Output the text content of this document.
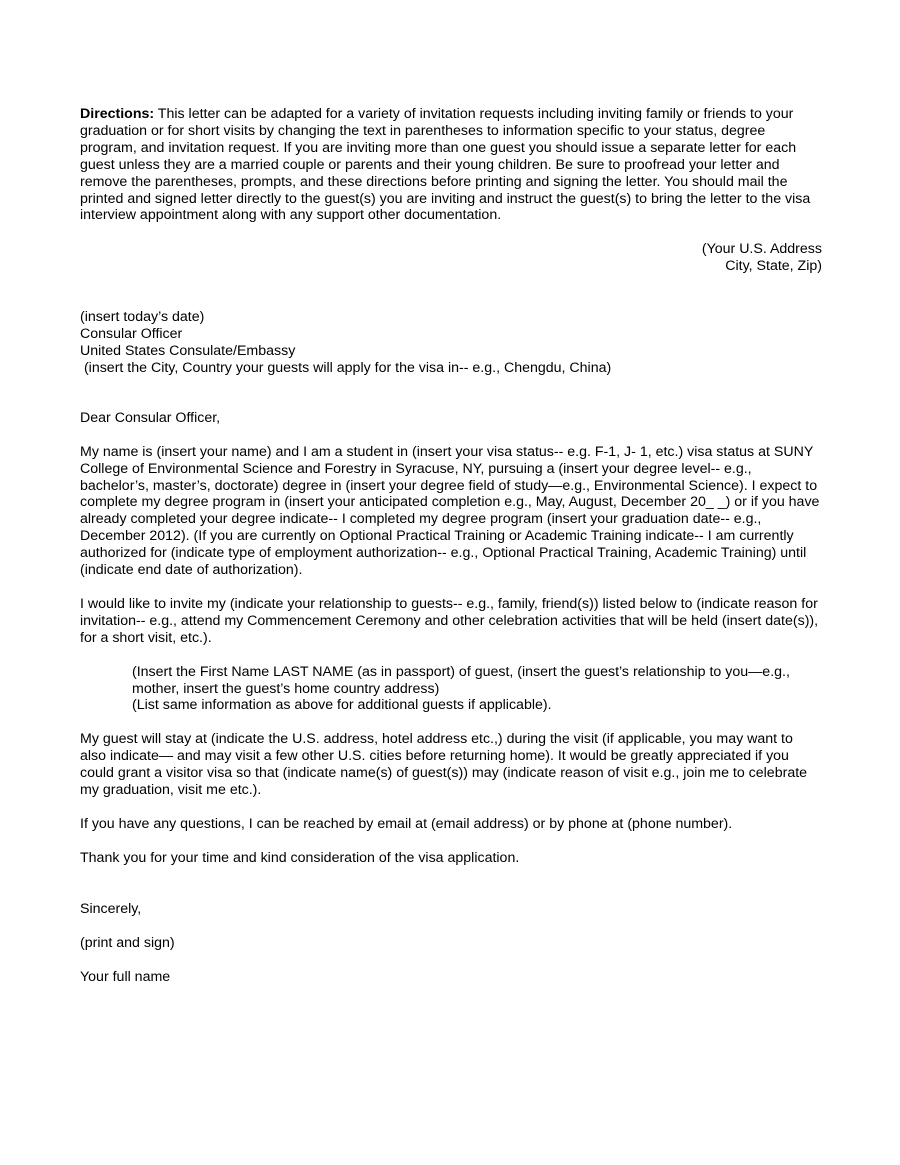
Directions: This letter can be adapted for a variety of invitation requests including inviting family or friends to your graduation or for short visits by changing the text in parentheses to information specific to your status, degree program, and invitation request. If you are inviting more than one guest you should issue a separate letter for each guest unless they are a married couple or parents and their young children. Be sure to proofread your letter and remove the parentheses, prompts, and these directions before printing and signing the letter. You should mail the printed and signed letter directly to the guest(s) you are inviting and instruct the guest(s) to bring the letter to the visa interview appointment along with any support other documentation.

(Your U.S. Address
City, State, Zip)
(insert today’s date)
Consular Officer
United States Consulate/Embassy
(insert the City, Country your guests will apply for the visa in-- e.g., Chengdu, China)

Dear Consular Officer,

My name is (insert your name) and I am a student in (insert your visa status-- e.g. F-1, J- 1, etc.) visa status at SUNY College of Environmental Science and Forestry in Syracuse, NY, pursuing a (insert your degree level-- e.g., bachelor’s, master’s, doctorate) degree in (insert your degree field of study—e.g., Environmental Science). I expect to complete my degree program in (insert your anticipated completion e.g., May, August, December 20_ _) or if you have already completed your degree indicate-- I completed my degree program (insert your graduation date-- e.g., December 2012). (If you are currently on Optional Practical Training or Academic Training indicate-- I am currently authorized for (indicate type of employment authorization-- e.g., Optional Practical Training, Academic Training) until (indicate end date of authorization).

I would like to invite my (indicate your relationship to guests-- e.g., family, friend(s)) listed below to (indicate reason for invitation-- e.g., attend my Commencement Ceremony and other celebration activities that will be held (insert date(s)), for a short visit, etc.).

(Insert the First Name LAST NAME (as in passport) of guest, (insert the guest’s relationship to you—e.g., mother, insert the guest’s home country address)
(List same information as above for additional guests if applicable).

My guest will stay at (indicate the U.S. address, hotel address etc.,) during the visit (if applicable, you may want to also indicate— and may visit a few other U.S. cities before returning home). It would be greatly appreciated if you could grant a visitor visa so that (indicate name(s) of guest(s)) may (indicate reason of visit e.g., join me to celebrate my graduation, visit me etc.).

If you have any questions, I can be reached by email at (email address) or by phone at (phone number).

Thank you for your time and kind consideration of the visa application.

Sincerely,

(print and sign)

Your full name
